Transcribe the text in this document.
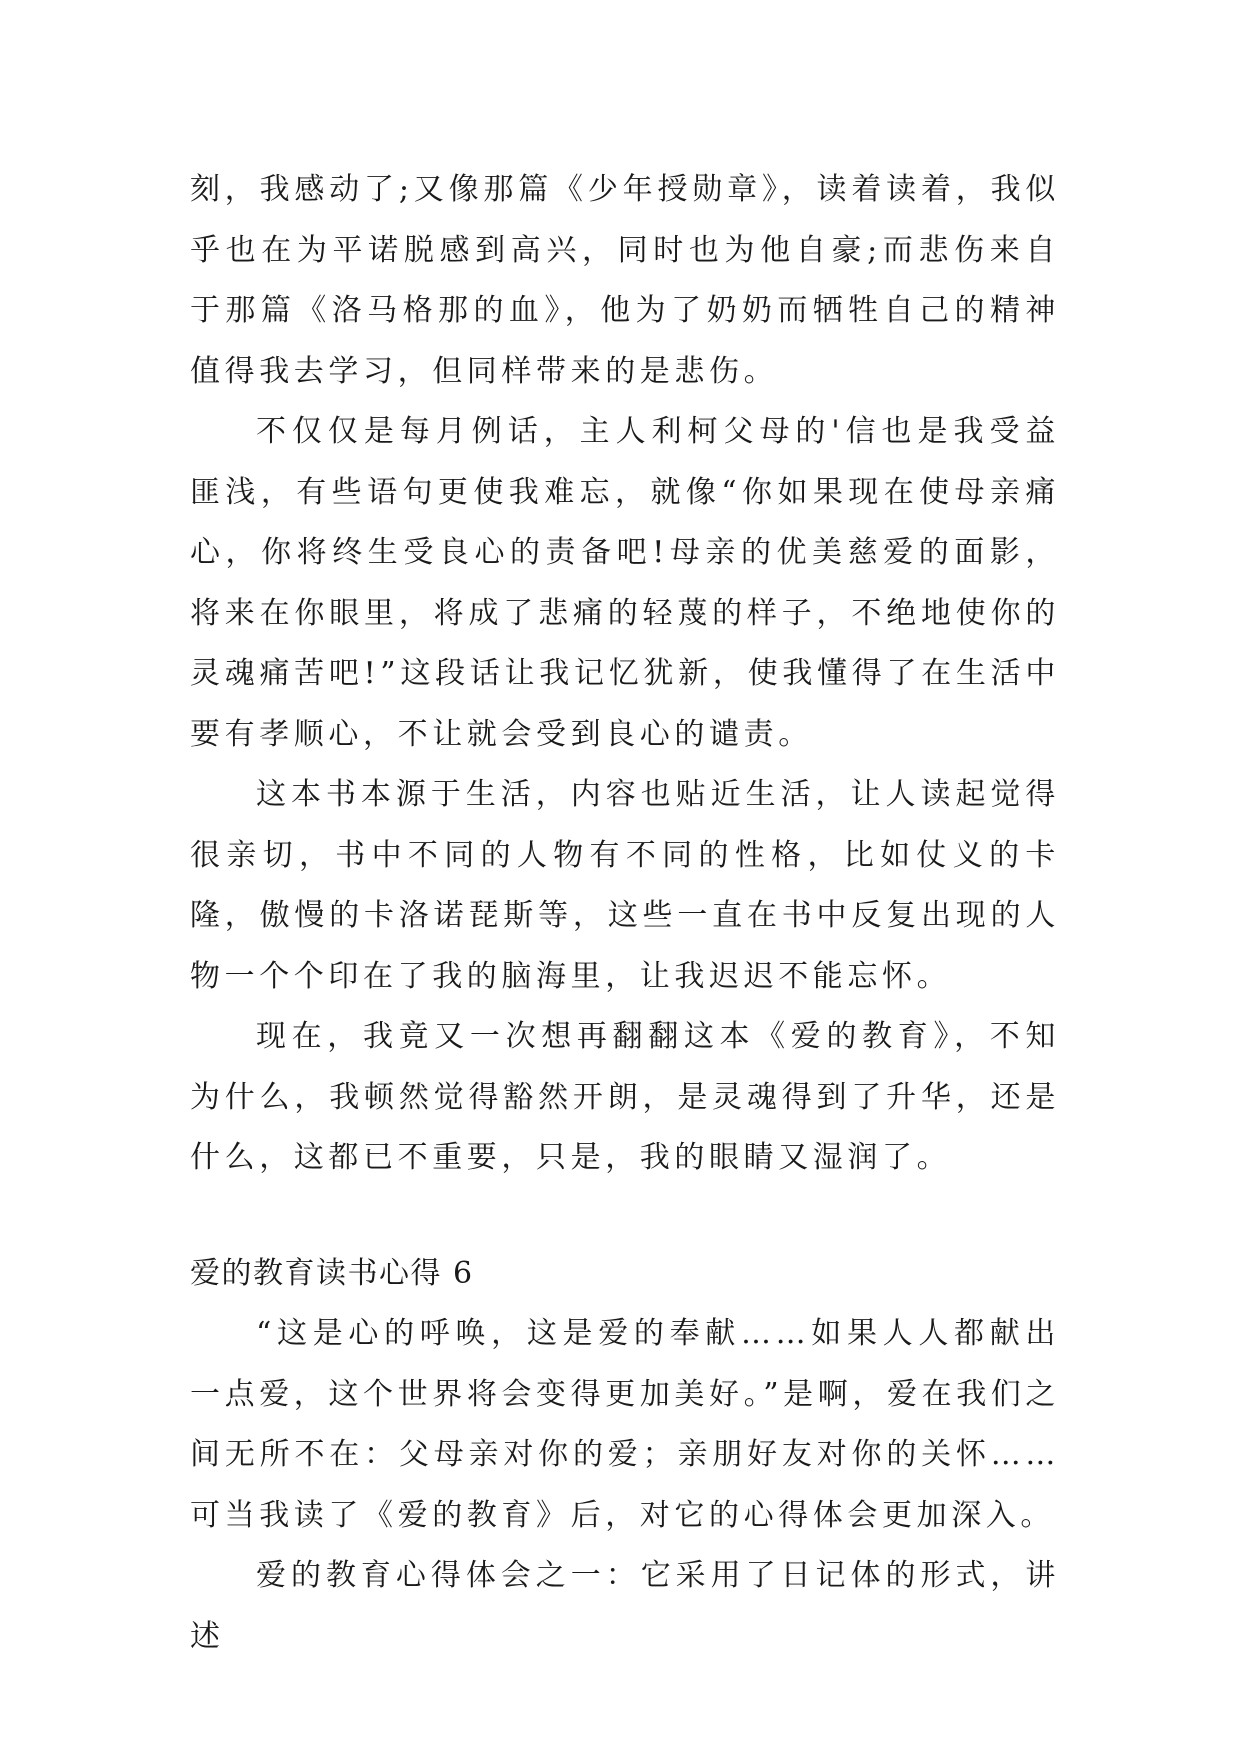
刻，我感动了;又像那篇《少年授勋章》，读着读着，我似乎也在为平诺脱感到高兴，同时也为他自豪;而悲伤来自于那篇《洛马格那的血》，他为了奶奶而牺牲自己的精神值得我去学习，但同样带来的是悲伤。

不仅仅是每月例话，主人利柯父母的'信也是我受益匪浅，有些语句更使我难忘，就像“你如果现在使母亲痛心，你将终生受良心的责备吧!母亲的优美慈爱的面影，将来在你眼里，将成了悲痛的轻蔑的样子，不绝地使你的灵魂痛苦吧!”这段话让我记忆犹新，使我懂得了在生活中要有孝顺心，不让就会受到良心的谴责。

这本书本源于生活，内容也贴近生活，让人读起觉得很亲切，书中不同的人物有不同的性格，比如仗义的卡隆，傲慢的卡洛诺琵斯等，这些一直在书中反复出现的人物一个个印在了我的脑海里，让我迟迟不能忘怀。

现在，我竟又一次想再翻翻这本《爱的教育》，不知为什么，我顿然觉得豁然开朗，是灵魂得到了升华，还是什么，这都已不重要，只是，我的眼睛又湿润了。

爱的教育读书心得 6

“这是心的呼唤，这是爱的奉献……如果人人都献出一点爱，这个世界将会变得更加美好。”是啊，爱在我们之间无所不在：父母亲对你的爱；亲朋好友对你的关怀……可当我读了《爱的教育》后，对它的心得体会更加深入。

爱的教育心得体会之一：它采用了日记体的形式，讲述
